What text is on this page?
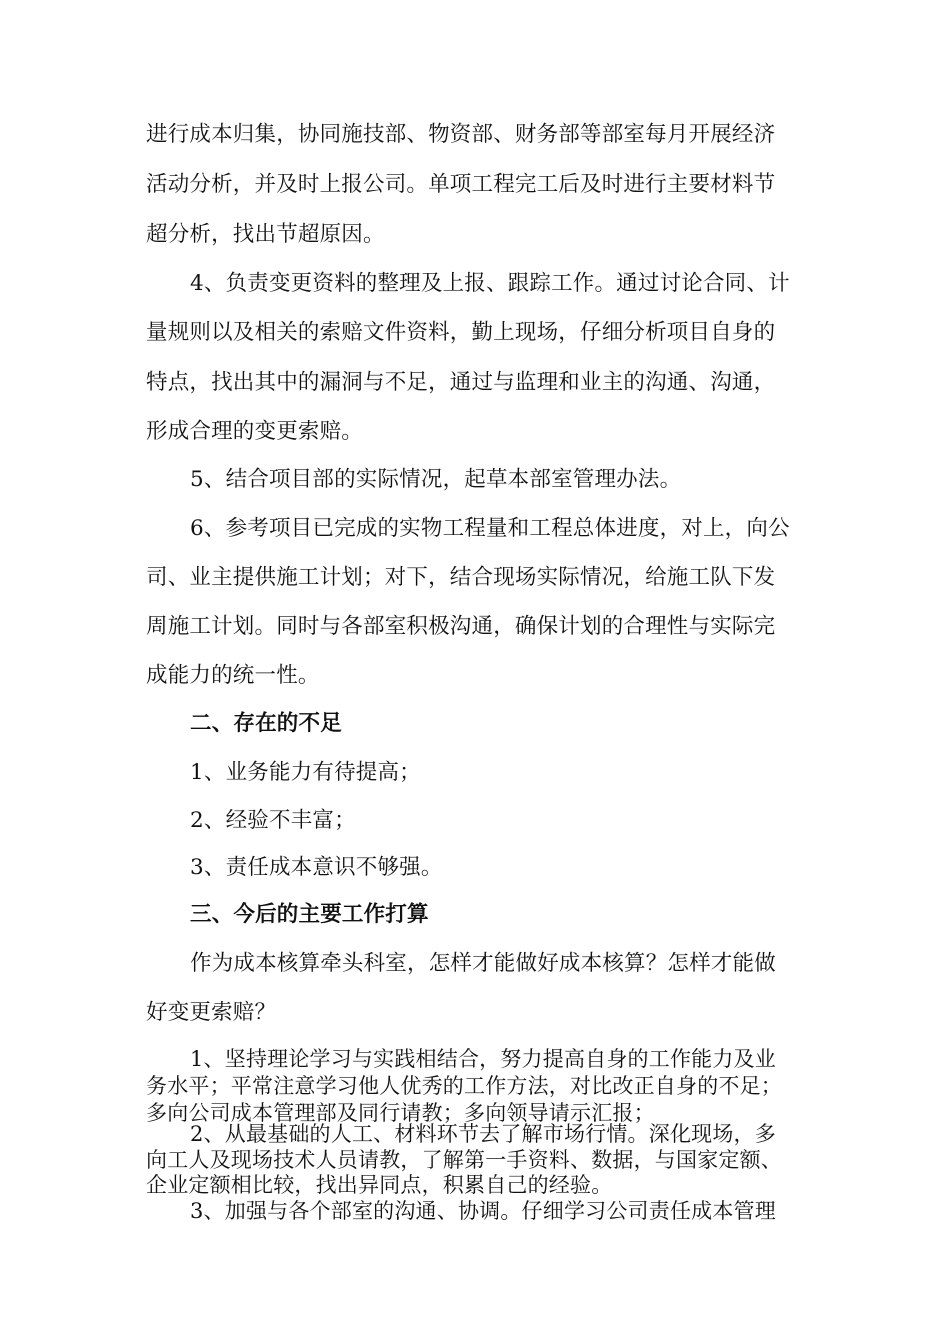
进行成本归集，协同施技部、物资部、财务部等部室每月开展经济
活动分析，并及时上报公司。单项工程完工后及时进行主要材料节
超分析，找出节超原因。
4、负责变更资料的整理及上报、跟踪工作。通过讨论合同、计
量规则以及相关的索赔文件资料，勤上现场，仔细分析项目自身的
特点，找出其中的漏洞与不足，通过与监理和业主的沟通、沟通，
形成合理的变更索赔。
5、结合项目部的实际情况，起草本部室管理办法。
6、参考项目已完成的实物工程量和工程总体进度，对上，向公
司、业主提供施工计划；对下，结合现场实际情况，给施工队下发
周施工计划。同时与各部室积极沟通，确保计划的合理性与实际完
成能力的统一性。
二、存在的不足
1、业务能力有待提高；
2、经验不丰富；
3、责任成本意识不够强。
三、今后的主要工作打算
作为成本核算牵头科室，怎样才能做好成本核算？怎样才能做
好变更索赔？
1、坚持理论学习与实践相结合，努力提高自身的工作能力及业
务水平；平常注意学习他人优秀的工作方法，对比改正自身的不足；
多向公司成本管理部及同行请教；多向领导请示汇报；
2、从最基础的人工、材料环节去了解市场行情。深化现场，多
向工人及现场技术人员请教，了解第一手资料、数据，与国家定额、
企业定额相比较，找出异同点，积累自己的经验。
3、加强与各个部室的沟通、协调。仔细学习公司责任成本管理
